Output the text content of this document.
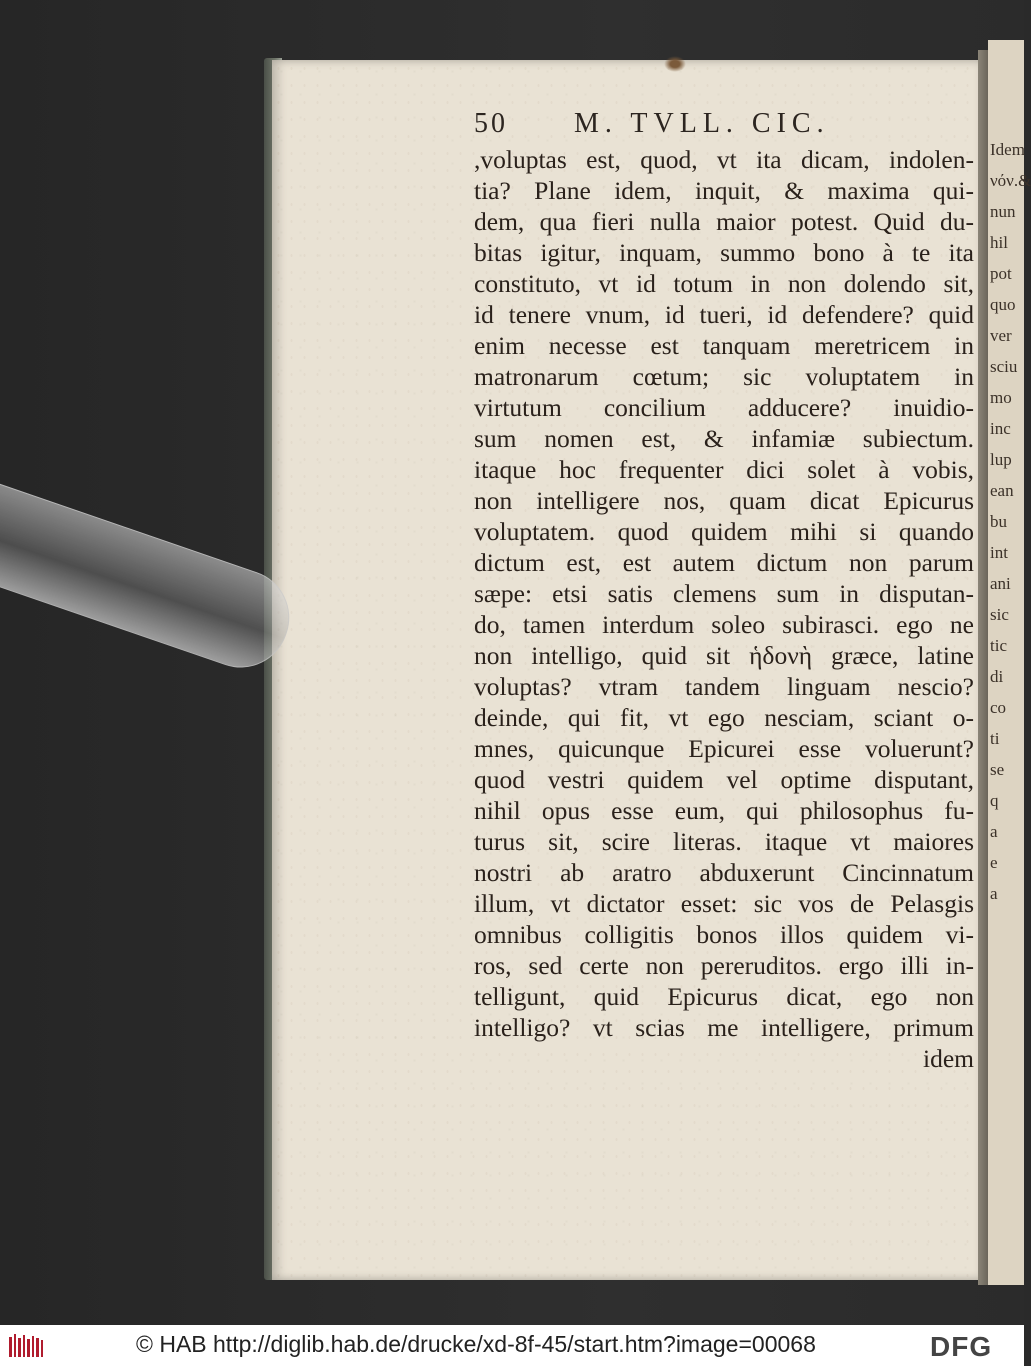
Idem
νόν.&
nun
hil
pot
quo
ver
sciu
mo
inc
lup
ean
bu
int
ani
sic
tic
di
co
ti
se
q
a
e
a
50 M. TVLL. CIC.
,voluptas est, quod, vt ita dicam, indolen-
tia? Plane idem, inquit, & maxima qui-
dem, qua fieri nulla maior potest. Quid du-
bitas igitur, inquam, summo bono à te ita
constituto, vt id totum in non dolendo sit,
id tenere vnum, id tueri, id defendere? quid
enim necesse est tanquam meretricem in
matronarum cœtum; sic voluptatem in
virtutum concilium adducere? inuidio-
sum nomen est, & infamiæ subiectum.
itaque hoc frequenter dici solet à vobis,
non intelligere nos, quam dicat Epicurus
voluptatem. quod quidem mihi si quando
dictum est, est autem dictum non parum
sæpe: etsi satis clemens sum in disputan-
do, tamen interdum soleo subirasci. ego ne
non intelligo, quid sit ἡδονὴ græce, latine
voluptas? vtram tandem linguam nescio?
deinde, qui fit, vt ego nesciam, sciant o-
mnes, quicunque Epicurei esse voluerunt?
quod vestri quidem vel optime disputant,
nihil opus esse eum, qui philosophus fu-
turus sit, scire literas. itaque vt maiores
nostri ab aratro abduxerunt Cincinnatum
illum, vt dictator esset: sic vos de Pelasgis
omnibus colligitis bonos illos quidem vi-
ros, sed certe non pereruditos. ergo illi in-
telligunt, quid Epicurus dicat, ego non
intelligo? vt scias me intelligere, primum
idem
© HAB http://diglib.hab.de/drucke/xd-8f-45/start.htm?image=00068	DFG
